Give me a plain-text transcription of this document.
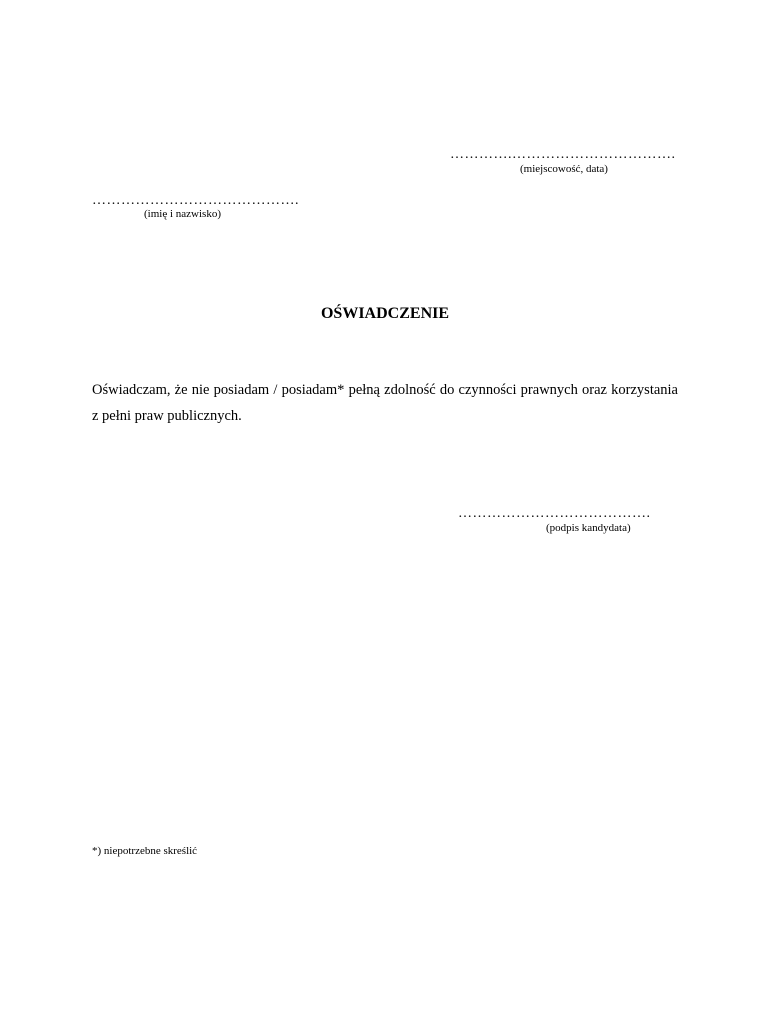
………….…………………………….
(miejscowość, data)
…………………………………….
(imię i nazwisko)
OŚWIADCZENIE
Oświadczam, że nie posiadam / posiadam* pełną zdolność do czynności prawnych oraz korzystania z pełni praw publicznych.
………………………………….
(podpis kandydata)
*) niepotrzebne skreślić
